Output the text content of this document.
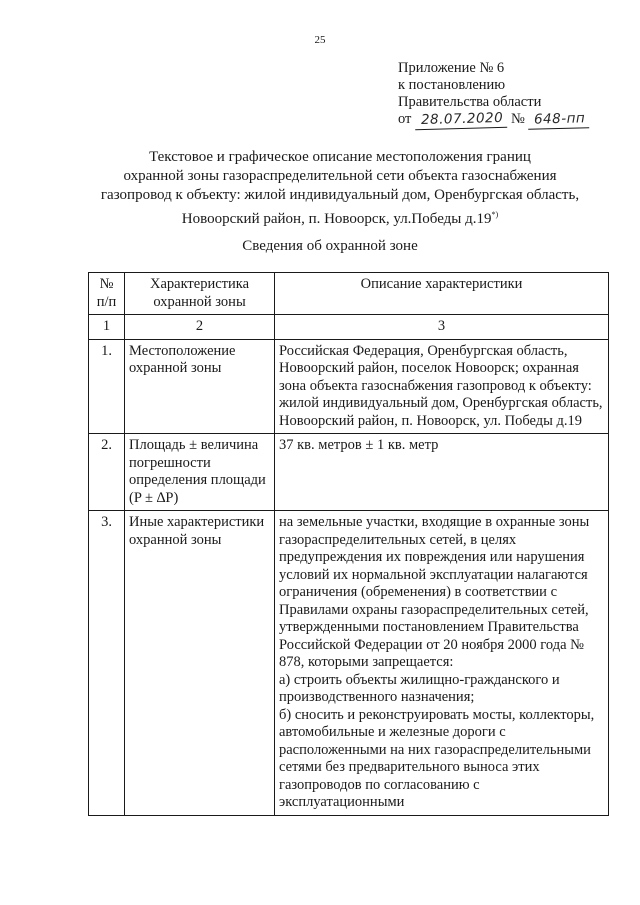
25
Приложение № 6
к постановлению
Правительства области
от 28.07.2020 № 648-пп
Текстовое и графическое описание местоположения границ
охранной зоны газораспределительной сети объекта газоснабжения
газопровод к объекту: жилой индивидуальный дом, Оренбургская область,
Новоорский район, п. Новоорск, ул.Победы д.19*)
Сведения об охранной зоне
№ п/п	Характеристика охранной зоны	Описание характеристики
1	2	3
1.	Местоположение охранной зоны	Российская Федерация, Оренбургская область, Новоорский район, поселок Новоорск; охранная зона объекта газоснабжения газопровод к объекту: жилой индивидуальный дом, Оренбургская область, Новоорский район, п. Новоорск, ул. Победы д.19
2.	Площадь ± величина погрешности определения площади (P ± ∆P)	37 кв. метров ± 1 кв. метр
3.	Иные характеристики охранной зоны	на земельные участки, входящие в охранные зоны газораспределительных сетей, в целях предупреждения их повреждения или нарушения условий их нормальной эксплуатации налагаются ограничения (обременения) в соответствии с Правилами охраны газораспределительных сетей, утвержденными постановлением Правительства Российской Федерации от 20 ноября 2000 года № 878, которыми запрещается:
а) строить объекты жилищно-гражданского и производственного назначения;
б) сносить и реконструировать мосты, коллекторы, автомобильные и железные дороги с расположенными на них газораспределительными сетями без предварительного выноса этих газопроводов по согласованию с эксплуатационными
